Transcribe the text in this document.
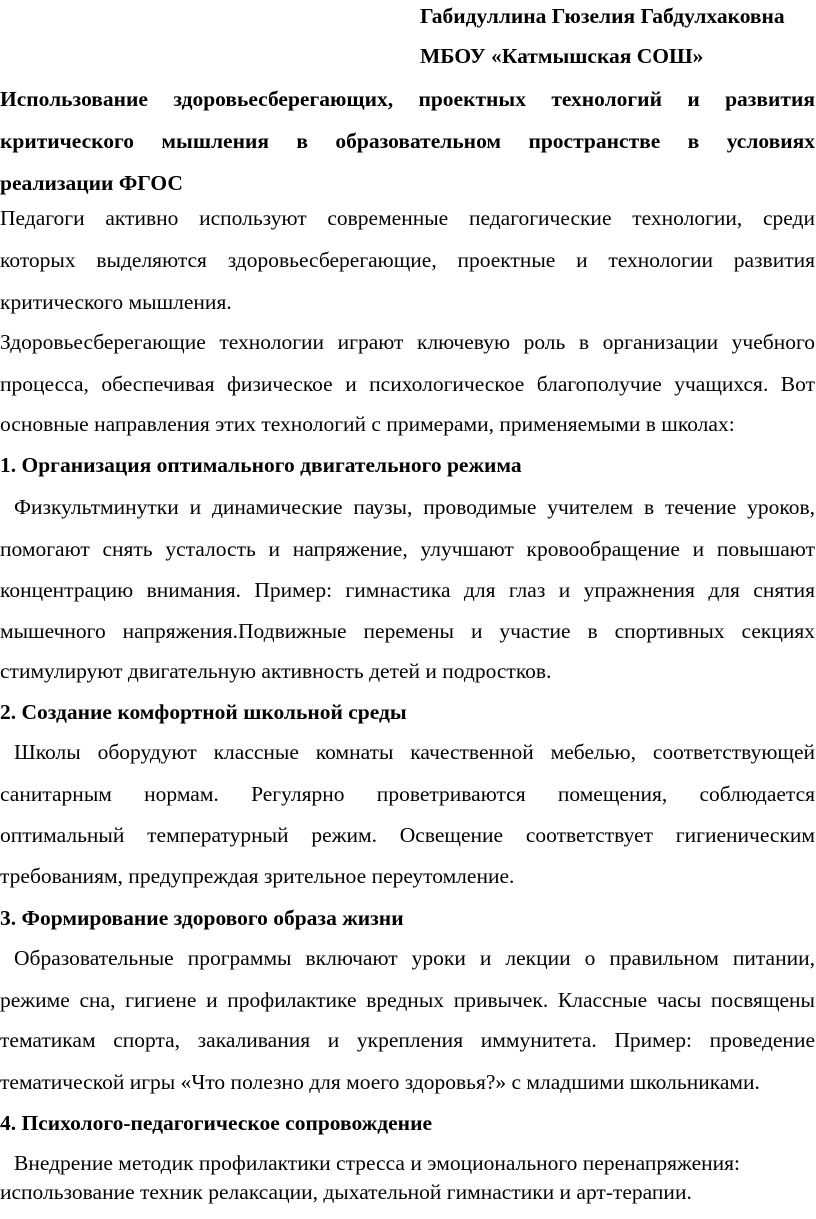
Габидуллина Гюзелия Габдулхаковна
МБОУ «Катмышская СОШ»
Использование здоровьесберегающих, проектных технологий и развития
критического мышления в образовательном пространстве в условиях
реализации ФГОС
Педагоги активно используют современные педагогические технологии, среди
которых выделяются здоровьесберегающие, проектные и технологии развития
критического мышления.
Здоровьесберегающие технологии играют ключевую роль в организации учебного
процесса, обеспечивая физическое и психологическое благополучие учащихся. Вот
основные направления этих технологий с примерами, применяемыми в школах:
1. Организация оптимального двигательного режима
Физкультминутки и динамические паузы, проводимые учителем в течение уроков,
помогают снять усталость и напряжение, улучшают кровообращение и повышают
концентрацию внимания. Пример: гимнастика для глаз и упражнения для снятия
мышечного напряжения.Подвижные перемены и участие в спортивных секциях
стимулируют двигательную активность детей и подростков.
2. Создание комфортной школьной среды
Школы оборудуют классные комнаты качественной мебелью, соответствующей
санитарным нормам. Регулярно проветриваются помещения, соблюдается
оптимальный температурный режим. Освещение соответствует гигиеническим
требованиям, предупреждая зрительное переутомление.
3. Формирование здорового образа жизни
Образовательные программы включают уроки и лекции о правильном питании,
режиме сна, гигиене и профилактике вредных привычек. Классные часы посвящены
тематикам спорта, закаливания и укрепления иммунитета. Пример: проведение
тематической игры «Что полезно для моего здоровья?» с младшими школьниками.
4. Психолого-педагогическое сопровождение
Внедрение методик профилактики стресса и эмоционального перенапряжения:
использование техник релаксации, дыхательной гимнастики и арт-терапии.
